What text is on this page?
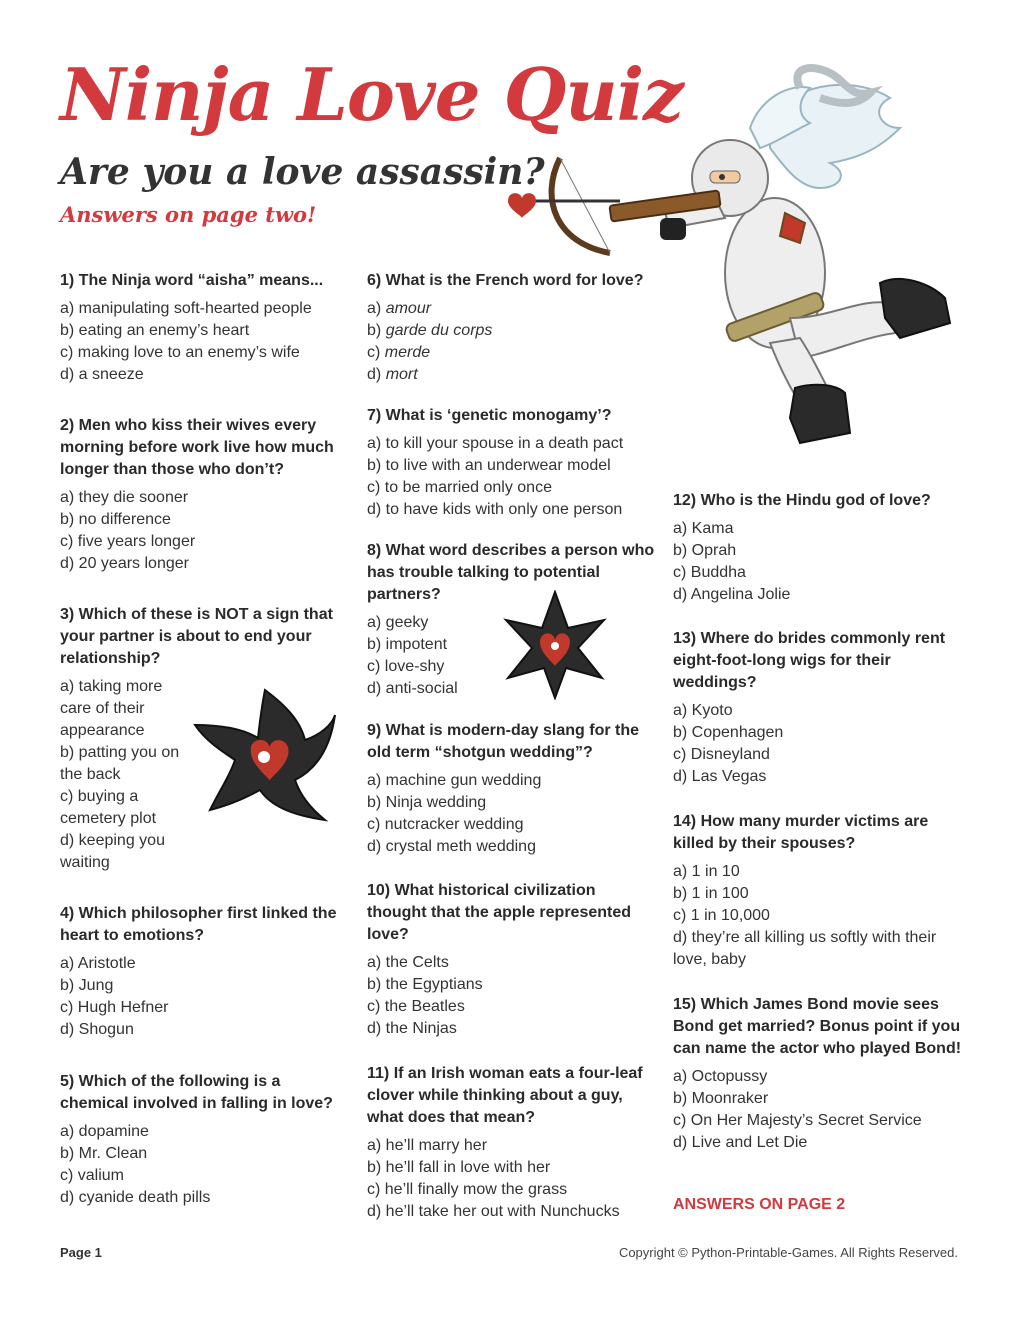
Ninja Love Quiz
Are you a love assassin?

Answers on page two!

1) The Ninja word “aisha” means...
a) manipulating soft-hearted people
b) eating an enemy’s heart
c) making love to an enemy’s wife
d) a sneeze
2) Men who kiss their wives every morning before work live how much longer than those who don’t?
a) they die sooner
b) no difference
c) five years longer
d) 20 years longer
3) Which of these is NOT a sign that your partner is about to end your relationship?
a) taking more care of their appearance
b) patting you on the back
c) buying a cemetery plot
d) keeping you waiting
4) Which philosopher first linked the heart to emotions?
a) Aristotle
b) Jung
c) Hugh Hefner
d) Shogun
5) Which of the following is a chemical involved in falling in love?
a) dopamine
b) Mr. Clean
c) valium
d) cyanide death pills
6) What is the French word for love?
a) amour
b) garde du corps
c) merde
d) mort
7) What is ‘genetic monogamy’?
a) to kill your spouse in a death pact
b) to live with an underwear model
c) to be married only once
d) to have kids with only one person
8) What word describes a person who has trouble talking to potential partners?
a) geeky
b) impotent
c) love-shy
d) anti-social
9) What is modern-day slang for the old term “shotgun wedding”?
a) machine gun wedding
b) Ninja wedding
c) nutcracker wedding
d) crystal meth wedding
10) What historical civilization thought that the apple represented love?
a) the Celts
b) the Egyptians
c) the Beatles
d) the Ninjas
11) If an Irish woman eats a four-leaf clover while thinking about a guy, what does that mean?
a) he’ll marry her
b) he’ll fall in love with her
c) he’ll finally mow the grass
d) he’ll take her out with Nunchucks
12) Who is the Hindu god of love?
a) Kama
b) Oprah
c) Buddha
d) Angelina Jolie
13) Where do brides commonly rent eight-foot-long wigs for their weddings?
a) Kyoto
b) Copenhagen
c) Disneyland
d) Las Vegas
14) How many murder victims are killed by their spouses?
a) 1 in 10
b) 1 in 100
c) 1 in 10,000
d) they’re all killing us softly with their love, baby
15) Which James Bond movie sees Bond get married? Bonus point if you can name the actor who played Bond!
a) Octopussy
b) Moonraker
c) On Her Majesty’s Secret Service
d) Live and Let Die
ANSWERS ON PAGE 2
Page 1	Copyright © Python-Printable-Games. All Rights Reserved.
